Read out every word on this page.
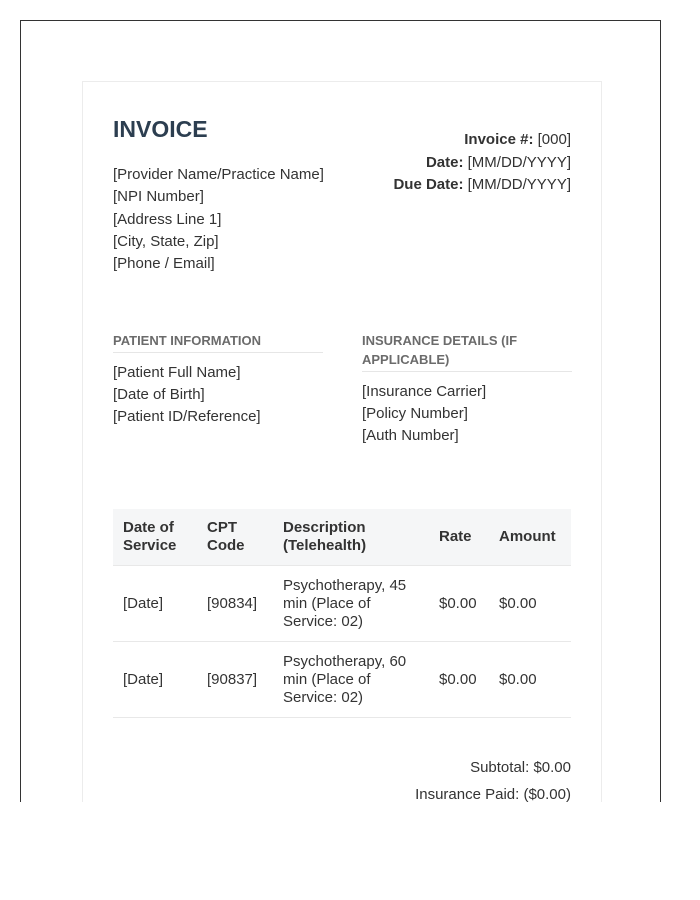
INVOICE
[Provider Name/Practice Name]
[NPI Number]
[Address Line 1]
[City, State, Zip]
[Phone / Email]
Invoice #: [000]
Date: [MM/DD/YYYY]
Due Date: [MM/DD/YYYY]
PATIENT INFORMATION
[Patient Full Name]
[Date of Birth]
[Patient ID/Reference]
INSURANCE DETAILS (IF APPLICABLE)
[Insurance Carrier]
[Policy Number]
[Auth Number]
Date of Service	CPT Code	Description (Telehealth)	Rate	Amount
[Date]	[90834]	Psychotherapy, 45 min (Place of Service: 02)	$0.00	$0.00
[Date]	[90837]	Psychotherapy, 60 min (Place of Service: 02)	$0.00	$0.00
Subtotal: $0.00
Insurance Paid: ($0.00)
